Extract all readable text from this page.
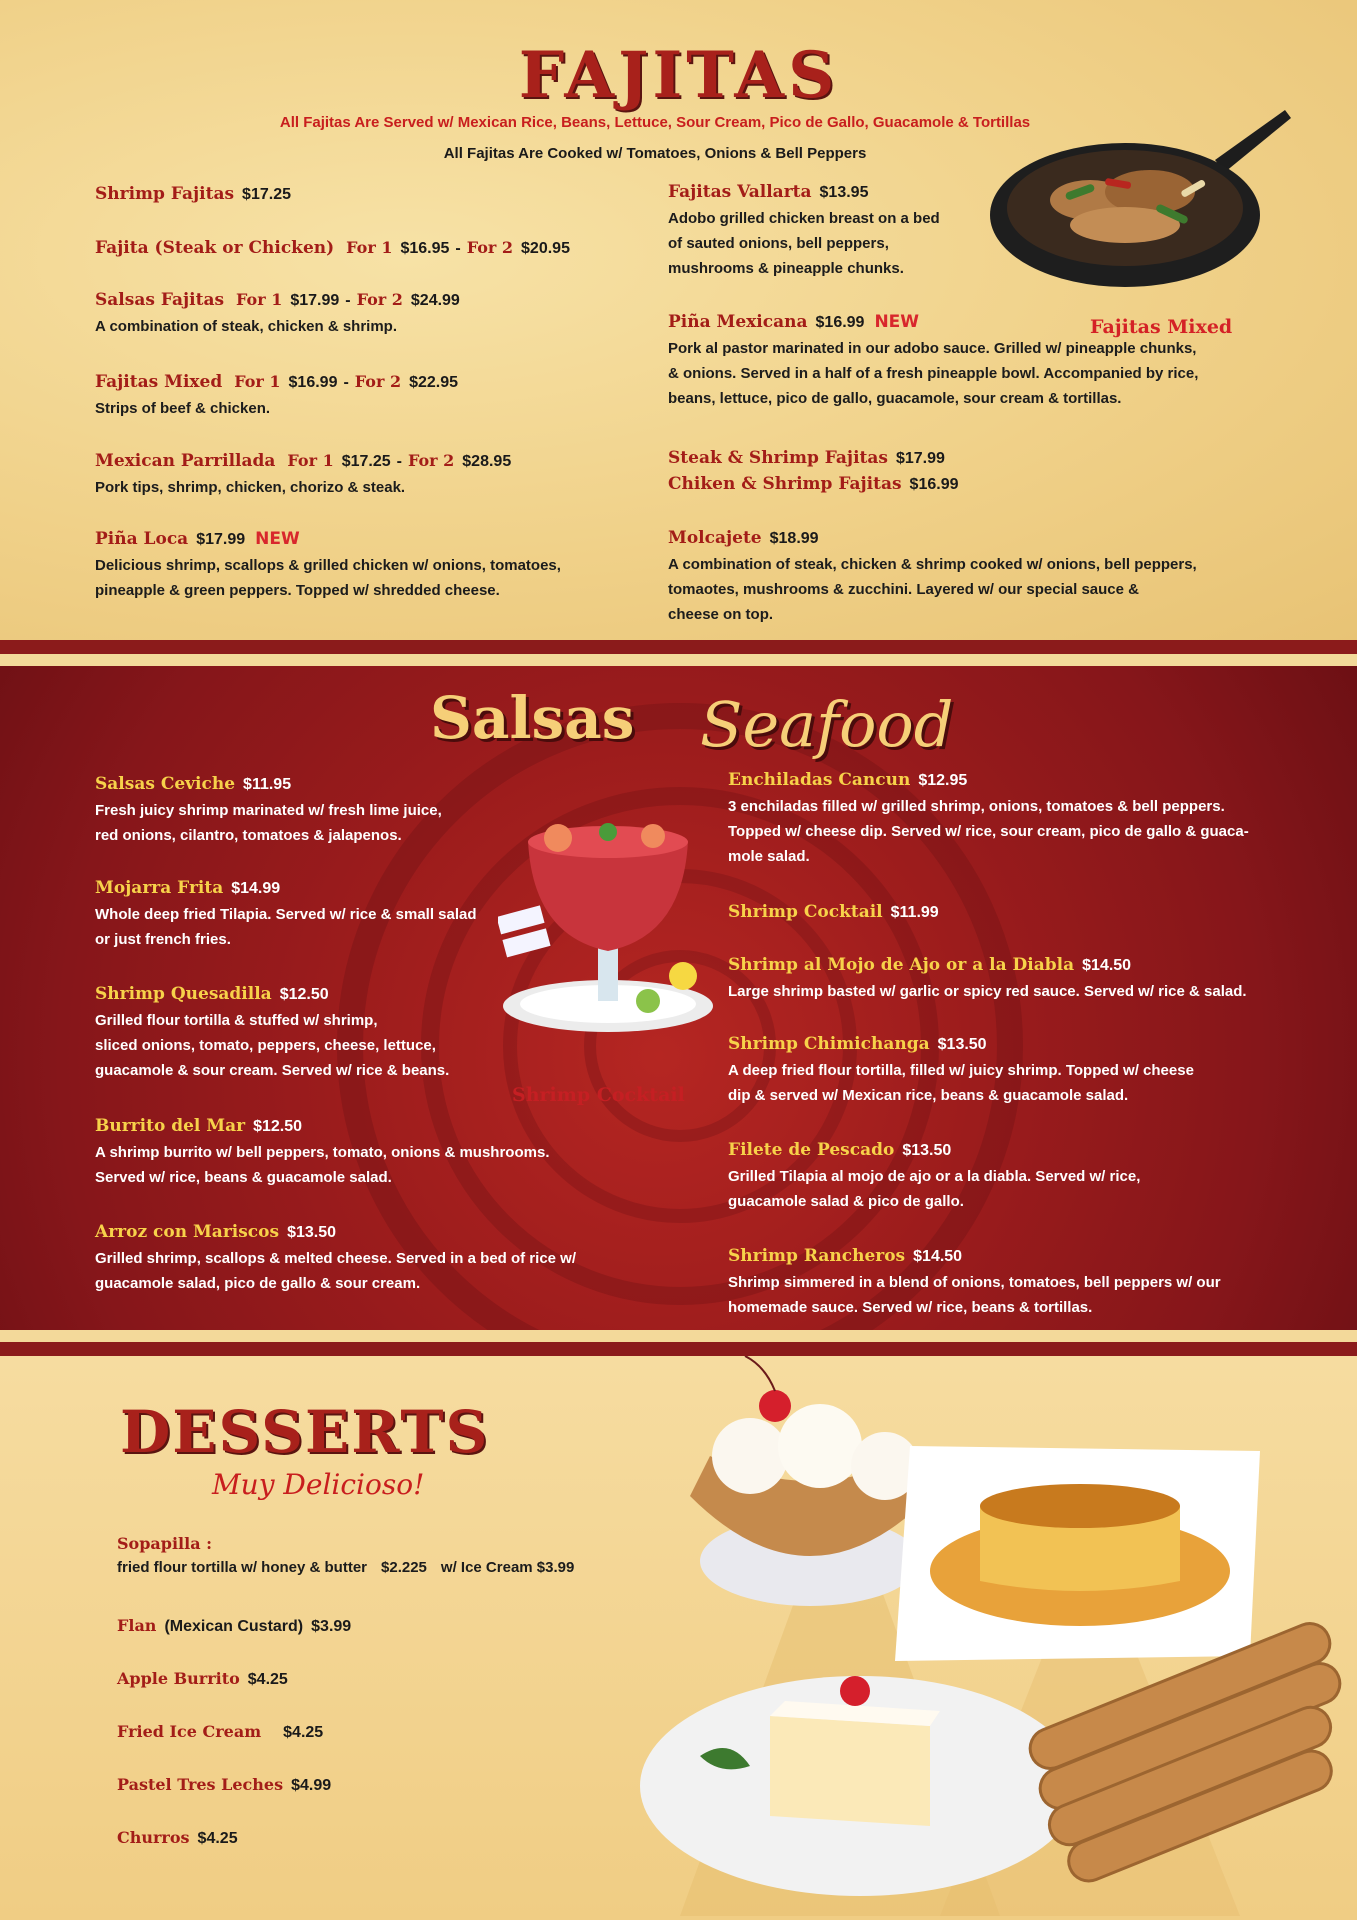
FAJITAS
All Fajitas Are Served w/ Mexican Rice, Beans, Lettuce, Sour Cream, Pico de Gallo, Guacamole & Tortillas
All Fajitas Are Cooked w/ Tomatoes, Onions & Bell Peppers
Shrimp Fajitas $17.25
Fajita (Steak or Chicken) For 1 $16.95 - For 2 $20.95
Salsas Fajitas For 1 $17.99 - For 2 $24.99
A combination of steak, chicken & shrimp.
Fajitas Mixed For 1 $16.99 - For 2 $22.95
Strips of beef & chicken.
Mexican Parrillada For 1 $17.25 - For 2 $28.95
Pork tips, shrimp, chicken, chorizo & steak.
Piña Loca $17.99 NEW
Delicious shrimp, scallops & grilled chicken w/ onions, tomatoes,
pineapple & green peppers. Topped w/ shredded cheese.
Fajitas Vallarta $13.95
Adobo grilled chicken breast on a bed
of sauted onions, bell peppers,
mushrooms & pineapple chunks.
Piña Mexicana $16.99 NEW
Pork al pastor marinated in our adobo sauce. Grilled w/ pineapple chunks,
& onions. Served in a half of a fresh pineapple bowl. Accompanied by rice,
beans, lettuce, pico de gallo, guacamole, sour cream & tortillas.
Steak & Shrimp Fajitas $17.99
Chiken & Shrimp Fajitas $16.99
Molcajete $18.99
A combination of steak, chicken & shrimp cooked w/ onions, bell peppers,
tomaotes, mushrooms & zucchini. Layered w/ our special sauce &
cheese on top.
Fajitas Mixed
Salsas Seafood
Salsas Ceviche $11.95
Fresh juicy shrimp marinated w/ fresh lime juice,
red onions, cilantro, tomatoes & jalapenos.
Mojarra Frita $14.99
Whole deep fried Tilapia. Served w/ rice & small salad
or just french fries.
Shrimp Quesadilla $12.50
Grilled flour tortilla & stuffed w/ shrimp,
sliced onions, tomato, peppers, cheese, lettuce,
guacamole & sour cream. Served w/ rice & beans.
Burrito del Mar $12.50
A shrimp burrito w/ bell peppers, tomato, onions & mushrooms.
Served w/ rice, beans & guacamole salad.
Arroz con Mariscos $13.50
Grilled shrimp, scallops & melted cheese. Served in a bed of rice w/
guacamole salad, pico de gallo & sour cream.
Shrimp Cocktail
Enchiladas Cancun $12.95
3 enchiladas filled w/ grilled shrimp, onions, tomatoes & bell peppers.
Topped w/ cheese dip. Served w/ rice, sour cream, pico de gallo & guaca-
mole salad.
Shrimp Cocktail $11.99
Shrimp al Mojo de Ajo or a la Diabla $14.50
Large shrimp basted w/ garlic or spicy red sauce. Served w/ rice & salad.
Shrimp Chimichanga $13.50
A deep fried flour tortilla, filled w/ juicy shrimp. Topped w/ cheese
dip & served w/ Mexican rice, beans & guacamole salad.
Filete de Pescado $13.50
Grilled Tilapia al mojo de ajo or a la diabla. Served w/ rice,
guacamole salad & pico de gallo.
Shrimp Rancheros $14.50
Shrimp simmered in a blend of onions, tomatoes, bell peppers w/ our
homemade sauce. Served w/ rice, beans & tortillas.
DESSERTS
Muy Delicioso!
Sopapilla :
fried flour tortilla w/ honey & butter $2.225 w/ Ice Cream $3.99
Flan (Mexican Custard) $3.99
Apple Burrito $4.25
Fried Ice Cream $4.25
Pastel Tres Leches $4.99
Churros $4.25
